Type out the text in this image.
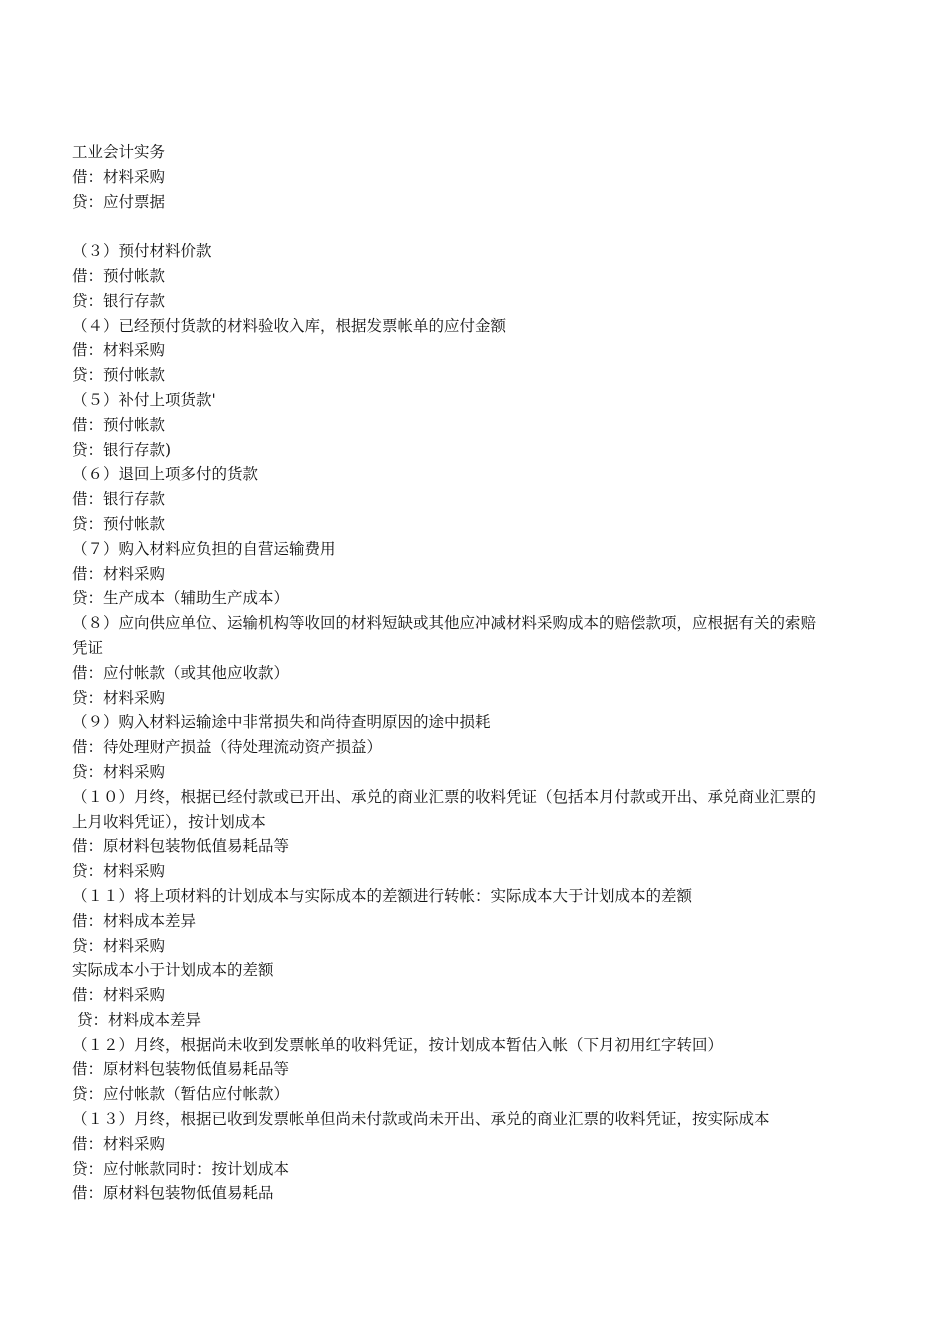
工业会计实务
借：材料采购
贷：应付票据
（３）预付材料价款
借：预付帐款
贷：银行存款
（４）已经预付货款的材料验收入库，根据发票帐单的应付金额
借：材料采购
贷：预付帐款
（５）补付上项货款'
借：预付帐款
贷：银行存款)
（６）退回上项多付的货款
借：银行存款
贷：预付帐款
（７）购入材料应负担的自营运输费用
借：材料采购
贷：生产成本（辅助生产成本）
（８）应向供应单位、运输机构等收回的材料短缺或其他应冲减材料采购成本的赔偿款项，应根据有关的索赔
凭证
借：应付帐款（或其他应收款）
贷：材料采购
（９）购入材料运输途中非常损失和尚待查明原因的途中损耗
借：待处理财产损益（待处理流动资产损益）
贷：材料采购
（１０）月终，根据已经付款或已开出、承兑的商业汇票的收料凭证（包括本月付款或开出、承兑商业汇票的
上月收料凭证），按计划成本
借：原材料包装物低值易耗品等
贷：材料采购
（１１）将上项材料的计划成本与实际成本的差额进行转帐：实际成本大于计划成本的差额
借：材料成本差异
贷：材料采购
实际成本小于计划成本的差额
借：材料采购
贷：材料成本差异
（１２）月终，根据尚未收到发票帐单的收料凭证，按计划成本暂估入帐（下月初用红字转回）
借：原材料包装物低值易耗品等
贷：应付帐款（暂估应付帐款）
（１３）月终，根据已收到发票帐单但尚未付款或尚未开出、承兑的商业汇票的收料凭证，按实际成本
借：材料采购
贷：应付帐款同时：按计划成本
借：原材料包装物低值易耗品
